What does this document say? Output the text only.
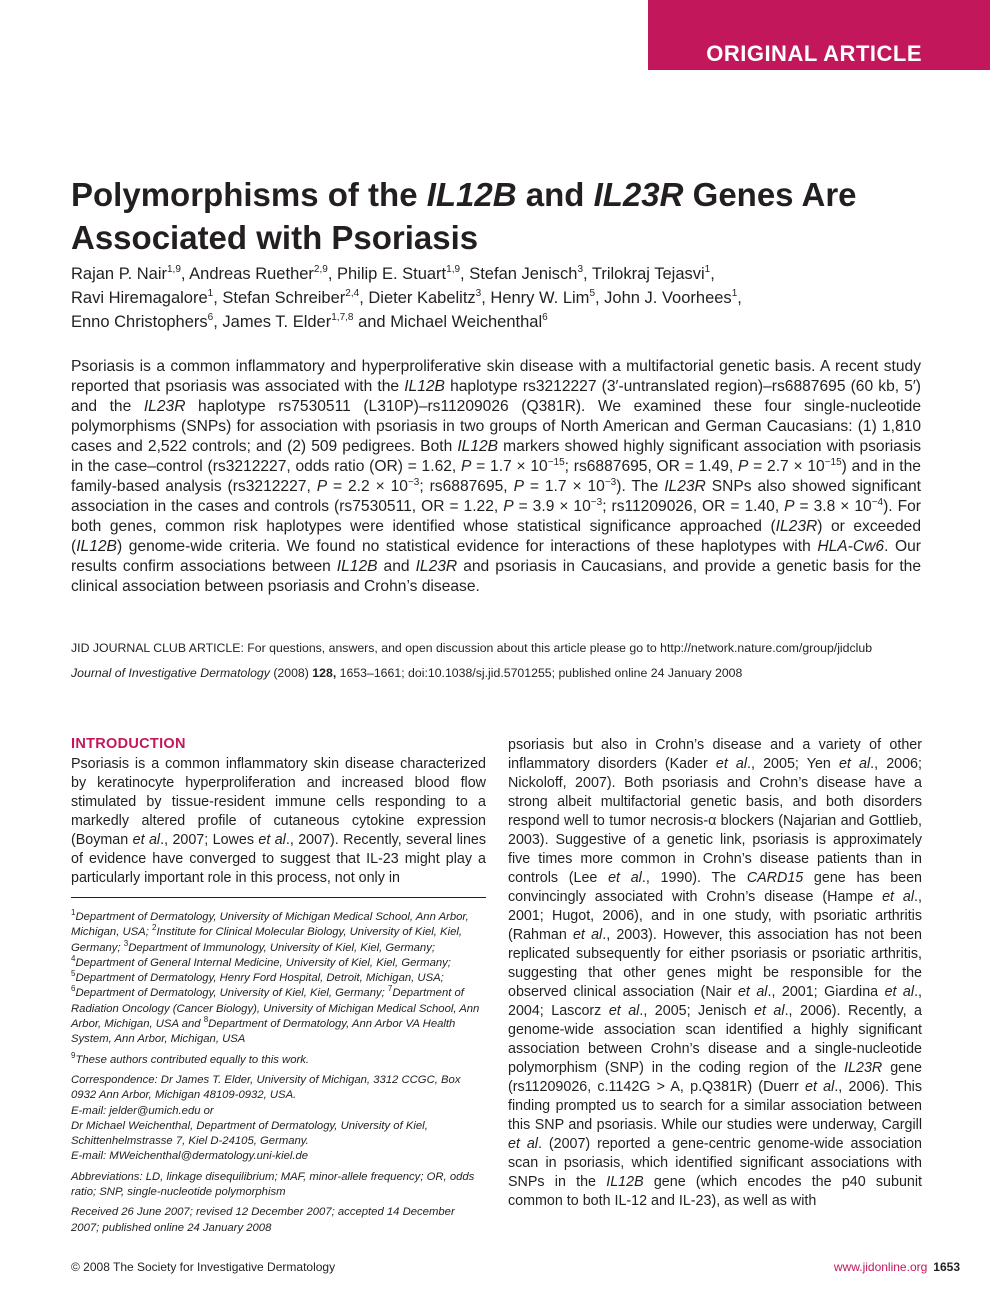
ORIGINAL ARTICLE
Polymorphisms of the IL12B and IL23R Genes Are Associated with Psoriasis
Rajan P. Nair$^{1,9}$, Andreas Ruether$^{2,9}$, Philip E. Stuart$^{1,9}$, Stefan Jenisch$^3$, Trilokraj Tejasvi$^1$,
Ravi Hiremagalore$^1$, Stefan Schreiber$^{2,4}$, Dieter Kabelitz$^3$, Henry W. Lim$^5$, John J. Voorhees$^1$,
Enno Christophers$^6$, James T. Elder$^{1,7,8}$ and Michael Weichenthal$^6$

Psoriasis is a common inflammatory and hyperproliferative skin disease with a multifactorial genetic basis. A recent study reported that psoriasis was associated with the IL12B haplotype rs3212227 (3′-untranslated region)–rs6887695 (60 kb, 5′) and the IL23R haplotype rs7530511 (L310P)–rs11209026 (Q381R). We examined these four single-nucleotide polymorphisms (SNPs) for association with psoriasis in two groups of North American and German Caucasians: (1) 1,810 cases and 2,522 controls; and (2) 509 pedigrees. Both IL12B markers showed highly significant association with psoriasis in the case–control (rs3212227, odds ratio (OR) = 1.62, $P = 1.7 \times 10^{-15}$; rs6887695, OR = 1.49, $P = 2.7 \times 10^{-15}$) and in the family-based analysis (rs3212227, $P = 2.2 \times 10^{-3}$; rs6887695, $P = 1.7 \times 10^{-3}$). The IL23R SNPs also showed significant association in the cases and controls (rs7530511, OR = 1.22, $P = 3.9 \times 10^{-3}$; rs11209026, OR = 1.40, $P = 3.8 \times 10^{-4}$). For both genes, common risk haplotypes were identified whose statistical significance approached (IL23R) or exceeded (IL12B) genome-wide criteria. We found no statistical evidence for interactions of these haplotypes with HLA-Cw6. Our results confirm associations between IL12B and IL23R and psoriasis in Caucasians, and provide a genetic basis for the clinical association between psoriasis and Crohn’s disease.

JID JOURNAL CLUB ARTICLE: For questions, answers, and open discussion about this article please go to http://network.nature.com/group/jidclub
Journal of Investigative Dermatology (2008) 128, 1653–1661; doi:10.1038/sj.jid.5701255; published online 24 January 2008

INTRODUCTION
Psoriasis is a common inflammatory skin disease characterized by keratinocyte hyperproliferation and increased blood flow stimulated by tissue-resident immune cells responding to a markedly altered profile of cutaneous cytokine expression (Boyman et al., 2007; Lowes et al., 2007). Recently, several lines of evidence have converged to suggest that IL-23 might play a particularly important role in this process, not only in

$^1$Department of Dermatology, University of Michigan Medical School, Ann Arbor, Michigan, USA; $^2$Institute for Clinical Molecular Biology, University of Kiel, Kiel, Germany; $^3$Department of Immunology, University of Kiel, Kiel, Germany; $^4$Department of General Internal Medicine, University of Kiel, Kiel, Germany; $^5$Department of Dermatology, Henry Ford Hospital, Detroit, Michigan, USA; $^6$Department of Dermatology, University of Kiel, Kiel, Germany; $^7$Department of Radiation Oncology (Cancer Biology), University of Michigan Medical School, Ann Arbor, Michigan, USA and $^8$Department of Dermatology, Ann Arbor VA Health System, Ann Arbor, Michigan, USA

$^9$These authors contributed equally to this work.

Correspondence: Dr James T. Elder, University of Michigan, 3312 CCGC, Box 0932 Ann Arbor, Michigan 48109-0932, USA.

E-mail: jelder@umich.edu or

Dr Michael Weichenthal, Department of Dermatology, University of Kiel, Schittenhelmstrasse 7, Kiel D-24105, Germany.

E-mail: MWeichenthal@dermatology.uni-kiel.de

Abbreviations: LD, linkage disequilibrium; MAF, minor-allele frequency; OR, odds ratio; SNP, single-nucleotide polymorphism

Received 26 June 2007; revised 12 December 2007; accepted 14 December 2007; published online 24 January 2008

psoriasis but also in Crohn’s disease and a variety of other inflammatory disorders (Kader et al., 2005; Yen et al., 2006; Nickoloff, 2007). Both psoriasis and Crohn’s disease have a strong albeit multifactorial genetic basis, and both disorders respond well to tumor necrosis-α blockers (Najarian and Gottlieb, 2003). Suggestive of a genetic link, psoriasis is approximately five times more common in Crohn’s disease patients than in controls (Lee et al., 1990). The CARD15 gene has been convincingly associated with Crohn’s disease (Hampe et al., 2001; Hugot, 2006), and in one study, with psoriatic arthritis (Rahman et al., 2003). However, this association has not been replicated subsequently for either psoriasis or psoriatic arthritis, suggesting that other genes might be responsible for the observed clinical association (Nair et al., 2001; Giardina et al., 2004; Lascorz et al., 2005; Jenisch et al., 2006). Recently, a genome-wide association scan identified a highly significant association between Crohn’s disease and a single-nucleotide polymorphism (SNP) in the coding region of the IL23R gene (rs11209026, c.1142G > A, p.Q381R) (Duerr et al., 2006). This finding prompted us to search for a similar association between this SNP and psoriasis. While our studies were underway, Cargill et al. (2007) reported a gene-centric genome-wide association scan in psoriasis, which identified significant associations with SNPs in the IL12B gene (which encodes the p40 subunit common to both IL-12 and IL-23), as well as with

© 2008 The Society for Investigative Dermatology	www.jidonline.org 1653
